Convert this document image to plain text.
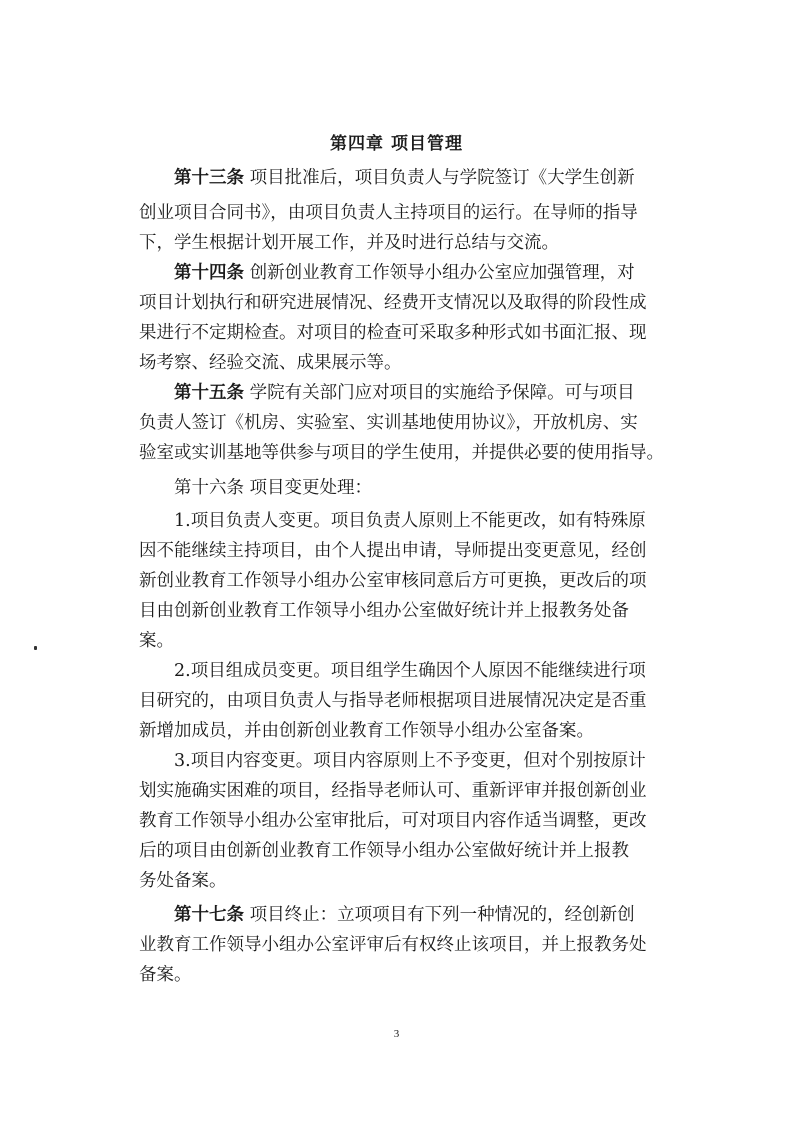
第四章 项目管理
第十三条 项目批准后，项目负责人与学院签订《大学生创新
创业项目合同书》，由项目负责人主持项目的运行。在导师的指导
下，学生根据计划开展工作，并及时进行总结与交流。
第十四条 创新创业教育工作领导小组办公室应加强管理，对
项目计划执行和研究进展情况、经费开支情况以及取得的阶段性成
果进行不定期检查。对项目的检查可采取多种形式如书面汇报、现
场考察、经验交流、成果展示等。
第十五条 学院有关部门应对项目的实施给予保障。可与项目
负责人签订《机房、实验室、实训基地使用协议》，开放机房、实
验室或实训基地等供参与项目的学生使用，并提供必要的使用指导。
第十六条 项目变更处理：
1.项目负责人变更。项目负责人原则上不能更改，如有特殊原
因不能继续主持项目，由个人提出申请，导师提出变更意见，经创
新创业教育工作领导小组办公室审核同意后方可更换，更改后的项
目由创新创业教育工作领导小组办公室做好统计并上报教务处备
案。
2.项目组成员变更。项目组学生确因个人原因不能继续进行项
目研究的，由项目负责人与指导老师根据项目进展情况决定是否重
新增加成员，并由创新创业教育工作领导小组办公室备案。
3.项目内容变更。项目内容原则上不予变更，但对个别按原计
划实施确实困难的项目，经指导老师认可、重新评审并报创新创业
教育工作领导小组办公室审批后，可对项目内容作适当调整，更改
后的项目由创新创业教育工作领导小组办公室做好统计并上报教
务处备案。
第十七条 项目终止：立项项目有下列一种情况的，经创新创
业教育工作领导小组办公室评审后有权终止该项目，并上报教务处
备案。
3
